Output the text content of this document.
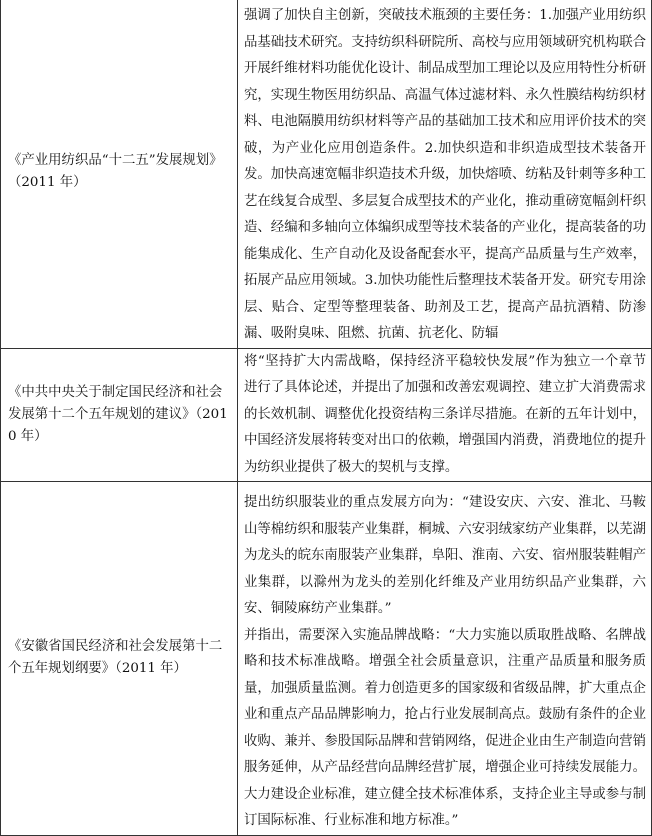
《产业用纺织品“十二五”发展规划》（2011 年）	强调了加快自主创新，突破技术瓶颈的主要任务：1.加强产业用纺织品基础技术研究。支持纺织科研院所、高校与应用领域研究机构联合开展纤维材料功能优化设计、制品成型加工理论以及应用特性分析研究，实现生物医用纺织品、高温气体过滤材料、永久性膜结构纺织材料、电池隔膜用纺织材料等产品的基础加工技术和应用评价技术的突破，为产业化应用创造条件。2.加快织造和非织造成型技术装备开发。加快高速宽幅非织造技术升级，加快熔喷、纺粘及针刺等多种工艺在线复合成型、多层复合成型技术的产业化，推动重磅宽幅剑杆织造、经编和多轴向立体编织成型等技术装备的产业化，提高装备的功能集成化、生产自动化及设备配套水平，提高产品质量与生产效率，拓展产品应用领域。3.加快功能性后整理技术装备开发。研究专用涂层、贴合、定型等整理装备、助剂及工艺，提高产品抗酒精、防渗漏、吸附臭味、阻燃、抗菌、抗老化、防辐

《中共中央关于制定国民经济和社会发展第十二个五年规划的建议》（2010 年）	将“坚持扩大内需战略，保持经济平稳较快发展”作为独立一个章节进行了具体论述，并提出了加强和改善宏观调控、建立扩大消费需求的长效机制、调整优化投资结构三条详尽措施。在新的五年计划中，中国经济发展将转变对出口的依赖，增强国内消费，消费地位的提升为纺织业提供了极大的契机与支撑。

《安徽省国民经济和社会发展第十二个五年规划纲要》（2011 年）	提出纺织服装业的重点发展方向为：“建设安庆、六安、淮北、马鞍山等棉纺织和服装产业集群，桐城、六安羽绒家纺产业集群，以芜湖为龙头的皖东南服装产业集群，阜阳、淮南、六安、宿州服装鞋帽产业集群，以滁州为龙头的差别化纤维及产业用纺织品产业集群，六安、铜陵麻纺产业集群。”
并指出，需要深入实施品牌战略：“大力实施以质取胜战略、名牌战略和技术标准战略。增强全社会质量意识，注重产品质量和服务质量，加强质量监测。着力创造更多的国家级和省级品牌，扩大重点企业和重点产品品牌影响力，抢占行业发展制高点。鼓励有条件的企业收购、兼并、参股国际品牌和营销网络，促进企业由生产制造向营销服务延伸，从产品经营向品牌经营扩展，增强企业可持续发展能力。大力建设企业标准，建立健全技术标准体系，支持企业主导或参与制订国际标准、行业标准和地方标准。”
